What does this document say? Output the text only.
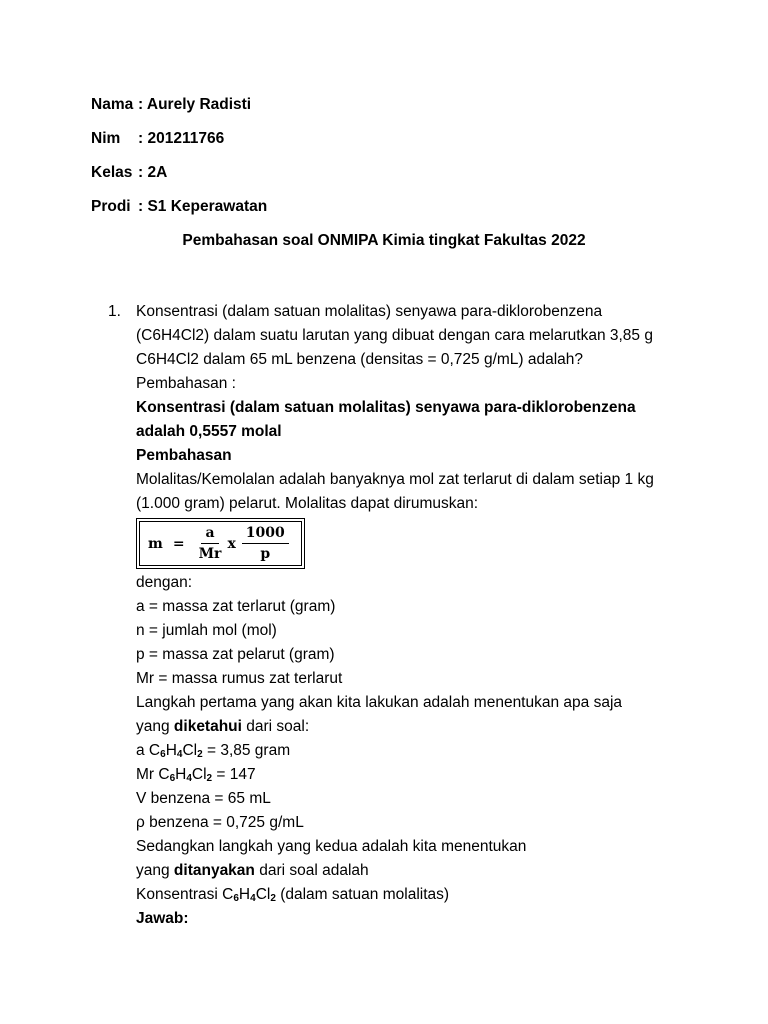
Nama : Aurely Radisti
Nim : 201211766
Kelas : 2A
Prodi : S1 Keperawatan
Pembahasan soal ONMIPA Kimia tingkat Fakultas 2022
1. Konsentrasi (dalam satuan molalitas) senyawa para-diklorobenzena
(C6H4Cl2) dalam suatu larutan yang dibuat dengan cara melarutkan 3,85 g
C6H4Cl2 dalam 65 mL benzena (densitas = 0,725 g/mL) adalah?
Pembahasan :
Konsentrasi (dalam satuan molalitas) senyawa para-diklorobenzena
adalah 0,5557 molal
Pembahasan
Molalitas/Kemolalan adalah banyaknya mol zat terlarut di dalam setiap 1 kg
(1.000 gram) pelarut. Molalitas dapat dirumuskan:
$m = \frac{a}{Mr}$ x $\frac{1000}{p}$
dengan:
a = massa zat terlarut (gram)
n = jumlah mol (mol)
p = massa zat pelarut (gram)
Mr = massa rumus zat terlarut
Langkah pertama yang akan kita lakukan adalah menentukan apa saja
yang diketahui dari soal:
a $C_6H_4Cl_2 = 3,85$ gram
Mr $C_6H_4Cl_2 = 147$
V benzena = 65 mL
ρ benzena = 0,725 g/mL
Sedangkan langkah yang kedua adalah kita menentukan
yang ditanyakan dari soal adalah
Konsentrasi $C_6H_4Cl_2$ (dalam satuan molalitas)
Jawab:
